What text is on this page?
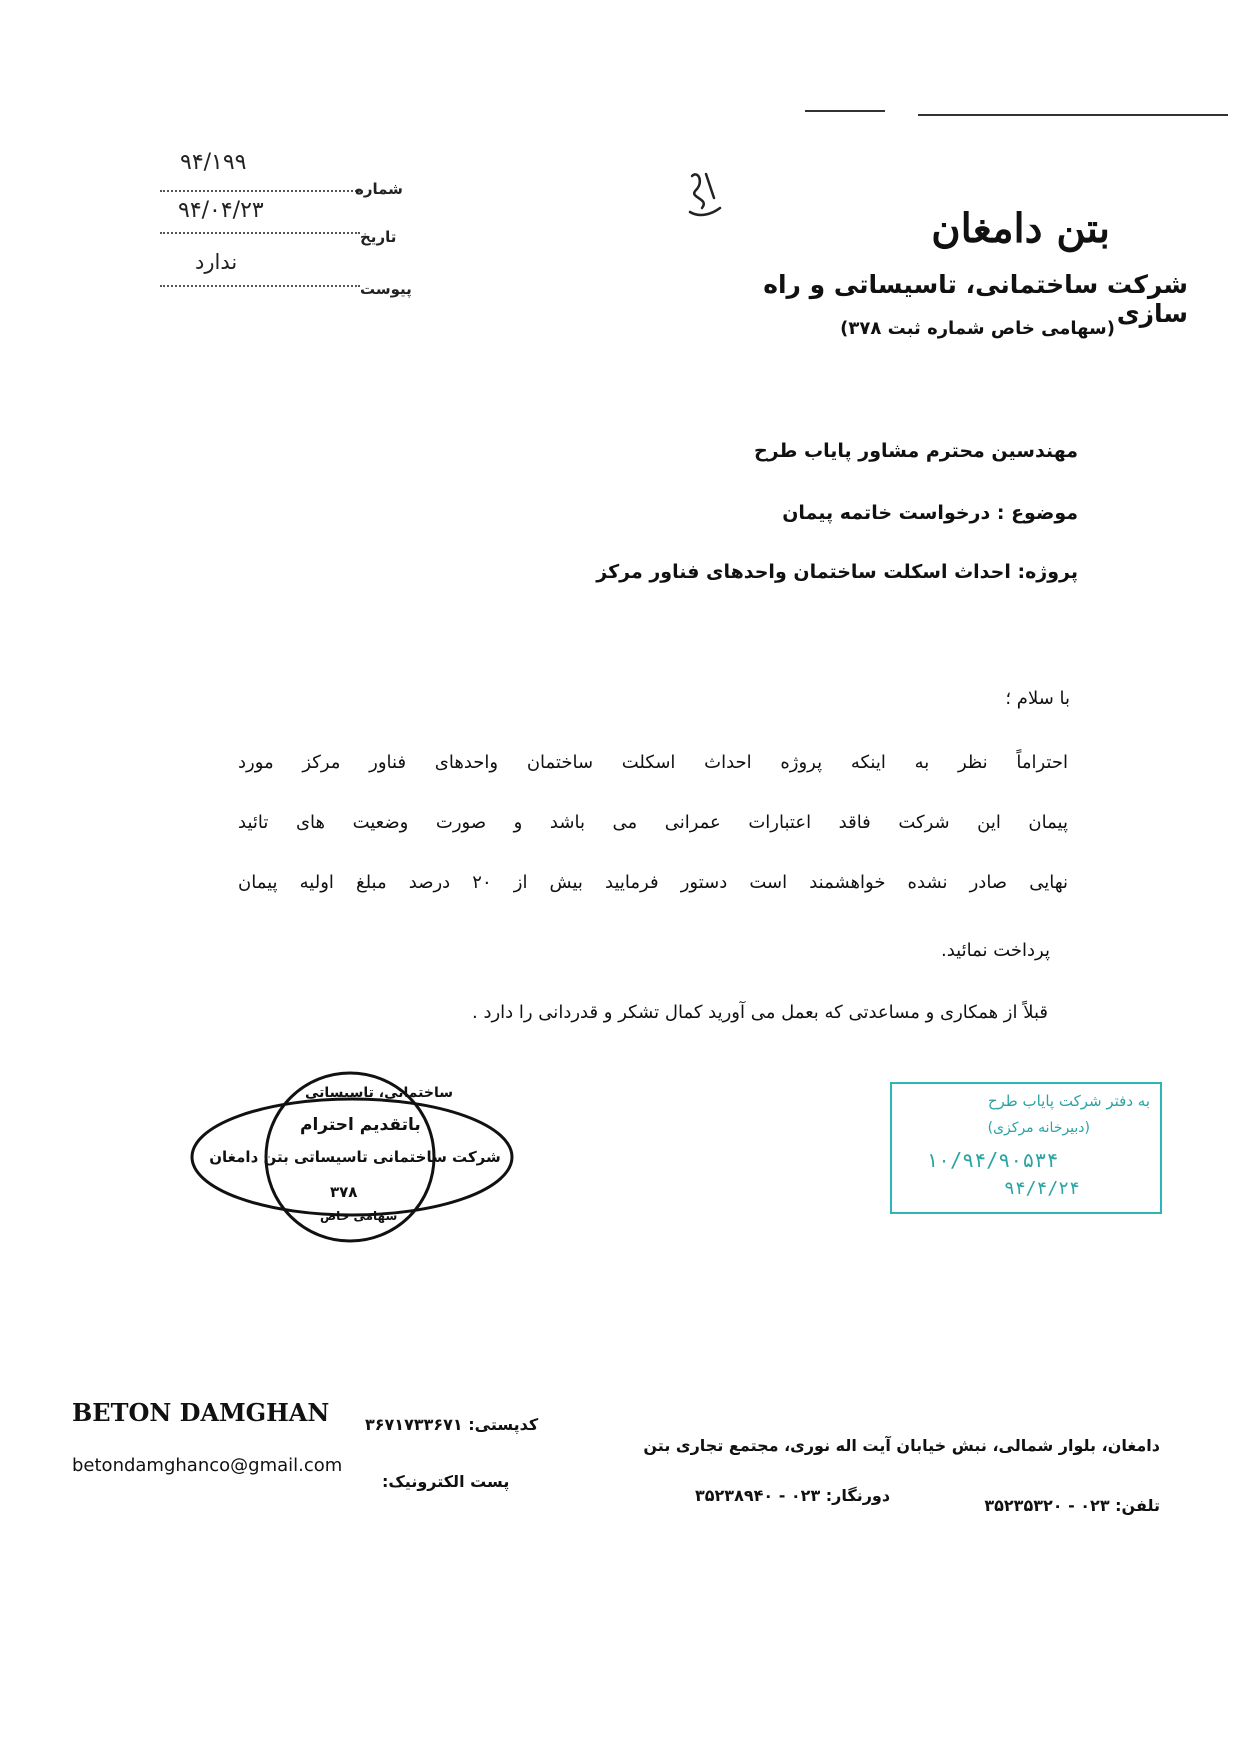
۹۴/۱۹۹
شماره
۹۴/۰۴/۲۳
تاریخ
ندارد
پیوست
بتن دامغان
شرکت ساختمانی، تاسیساتی و راه سازی
(سهامی خاص شماره ثبت ۳۷۸)
مهندسین محترم مشاور پایاب طرح
موضوع : درخواست خاتمه پیمان
پروژه: احداث اسکلت ساختمان واحدهای فناور مرکز
با سلام ؛
احتراماً نظر به اینکه پروژه احداث اسکلت ساختمان واحدهای فناور مرکز مورد
پیمان این شرکت فاقد اعتبارات عمرانی می باشد و صورت وضعیت های تائید
نهایی صادر نشده خواهشمند است دستور فرمایید بیش از ۲۰ درصد مبلغ اولیه پیمان
پرداخت نمائید.
قبلاً از همکاری و مساعدتی که بعمل می آورید کمال تشکر و قدردانی را دارد .
ساختمانی، تاسیساتی
باتقدیم احترام
شرکت ساختمانی تاسیساتی بتن دامغان
۳۷۸
سهامی خاص
به دفتر شرکت پایاب طرح
(دبیرخانه مرکزی)
۱۰/۹۴/۹۰۵۳۴
۹۴/۴/۲۴
BETON DAMGHAN کدپستی: ۳۶۷۱۷۳۳۶۷۱
دامغان، بلوار شمالی، نبش خیابان آیت اله نوری، مجتمع تجاری بتن
betondamghanco@gmail.com
پست الکترونیک:
دورنگار: ۰۲۳ - ۳۵۲۳۸۹۴۰
تلفن: ۰۲۳ - ۳۵۲۳۵۳۲۰
